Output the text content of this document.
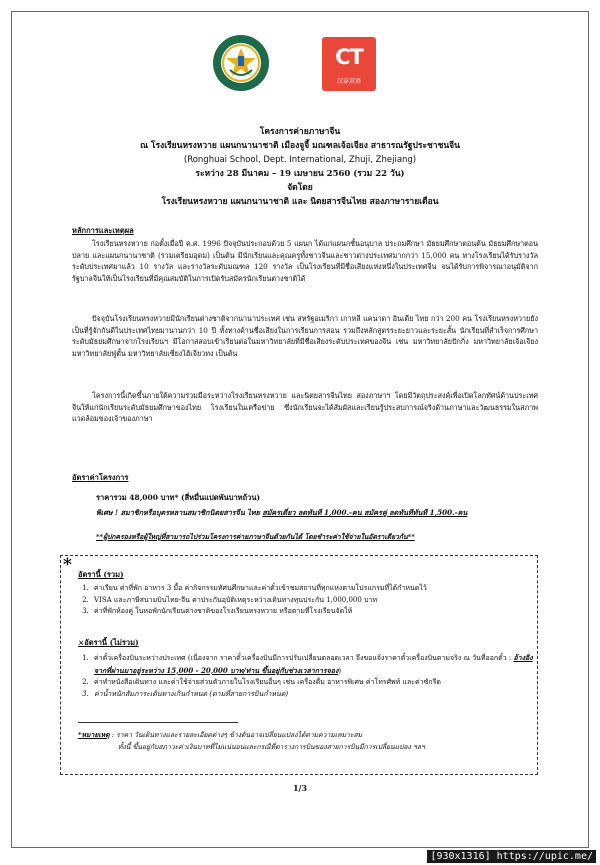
CT
汉泰双语
โครงการค่ายภาษาจีน
ณ โรงเรียนหรงหวาย แผนกนานาชาติ เมืองจูจี้ มณฑลเจ้อเจียง สาธารณรัฐประชาชนจีน
(Ronghuai School, Dept. International, Zhuji, Zhejiang)
ระหว่าง 28 มีนาคม – 19 เมษายน 2560 (รวม 22 วัน)
จัดโดย
โรงเรียนหรงหวาย แผนกนานาชาติ และ นิตยสารจีนไทย สองภาษารายเดือน
หลักการและเหตุผล
โรงเรียนหรงหวาย ก่อตั้งเมื่อปี ค.ศ. 1996 ปัจจุบันประกอบด้วย 5 แผนก ได้แก่แผนกชั้นอนุบาล ประถมศึกษา มัธยมศึกษาตอนต้น มัธยมศึกษาตอนปลาย และแผนกนานาชาติ (รวมเตรียมอุดม) เป็นต้น มีนักเรียนและคุณครูทั้งชาวจีนและชาวต่างประเทศมากกว่า 15,000 คน ทางโรงเรียนได้รับรางวัลระดับประเทศมาแล้ว 10 รางวัล และรางวัลระดับมณฑล 120 รางวัล เป็นโรงเรียนที่มีชื่อเสียงแห่งหนึ่งในประเทศจีน จนได้รับการพิจารณาอนุมัติจากรัฐบาลจีนให้เป็นโรงเรียนที่มีคุณสมบัติในการเปิดรับสมัครนักเรียนต่างชาติได้
ปัจจุบันโรงเรียนหรงหวายมีนักเรียนต่างชาติจากนานาประเทศ เช่น สหรัฐอเมริกา เกาหลี แคนาดา อินเดีย ไทย กว่า 200 คน โรงเรียนหรงหวายยังเป็นที่รู้จักกันดีในประเทศไทยมานานกว่า 10 ปี ทั้งทางด้านชื่อเสียงในการเรียนการสอน รวมถึงหลักสูตรระยะยาวและระยะสั้น นักเรียนที่สำเร็จการศึกษาระดับมัธยมศึกษาจากโรงเรียนฯ มีโอกาสสอบเข้าเรียนต่อในมหาวิทยาลัยที่มีชื่อเสียงระดับประเทศของจีน เช่น มหาวิทยาลัยปักกิ่ง มหาวิทยาลัยเจ้อเจียง มหาวิทยาลัยฟู่ตั้น มหาวิทยาลัยเซี่ยงไฮ้เจียวทง เป็นต้น
โครงการนี้เกิดขึ้นภายใต้ความร่วมมือระหว่างโรงเรียนหรงหวาย และนิตยสารจีนไทย สองภาษาฯ โดยมีวัตถุประสงค์เพื่อเปิดโลกทัศน์ด้านประเทศจีนให้แก่นักเรียนระดับมัธยมศึกษาของไทย โรงเรียนในเครือข่าย ซึ่งนักเรียนจะได้สัมผัสและเรียนรู้ประสบการณ์จริงด้านภาษาและวัฒนธรรมในสภาพแวดล้อมของเจ้าของภาษา
อัตราค่าโครงการ
ราคารวม 48,000 บาท* (สี่หมื่นแปดพันบาทถ้วน)
พิเศษ ! สมาชิกหรือบุตรหลานสมาชิกนิตยสารจีน ไทย สมัครเดี่ยว ลดทันที 1,000.-คน สมัครคู่ ลดทันทีทันที 1,500.-คน
**ผู้ปกครองหรือผู้ใหญ่ที่สามารถไปร่วมโครงการค่ายภาษาจีนด้วยกันได้ โดยชำระค่าใช้จ่ายในอัตราเดียวกัน**
* อัตรานี้ (รวม)
1. ค่าเรียน ค่าที่พัก อาหาร 3 มื้อ ค่ากิจกรรมทัศนศึกษาและค่าตั๋วเข้าชมสถานที่ทุกแห่งตามโปรแกรมที่ได้กำหนดไว้
2. VISA และภาษีสนามบินไทย-จีน ค่าประกันอุบัติเหตุระหว่างเดินทางทุนประกัน 1,000,000 บาท
3. ค่าที่พักห้องคู่ ในหอพักนักเรียนต่างชาติของโรงเรียนหรงหวาย หรือตามที่โรงเรียนจัดให้
×อัตรานี้ (ไม่รวม)
1. ค่าตั๋วเครื่องบินระหว่างประเทศ (เนื่องจาก ราคาตั๋วเครื่องบินมีการปรับเปลี่ยนตลอดเวลา จึงขอแจ้งราคาตั๋วเครื่องบินตามจริง ณ วันที่ออกตั๋ว : อ้างอิงจากที่ผ่านมาอยู่ระหว่าง 15,000 - 20,000 บาท/ท่าน ขึ้นอยู่กับช่วงเวลาการจอง)
2. ค่าทำหนังสือเดินทาง และค่าใช้จ่ายส่วนตัวภายในโรงเรียนอื่นๆ เช่น เครื่องดื่ม อาหารพิเศษ ค่าโทรศัพท์ และค่าซักรีด
3. ค่าน้ำหนักสัมภาระเดินทางเกินกำหนด (ตามที่สายการบินกำหนด)
*หมายเหตุ : ราคา วันเดินทางและรายละเอียดต่างๆ ข้างต้นอาจเปลี่ยนแปลงได้ตามความเหมาะสม
ทั้งนี้ ขึ้นอยู่กับสภาวะค่าเงินบาทที่ไม่แน่นอนและกรณีที่ตารางการบินของสายการบินมีการเปลี่ยนแปลง ฯลฯ
1/3
[930x1316] https://upic.me/
